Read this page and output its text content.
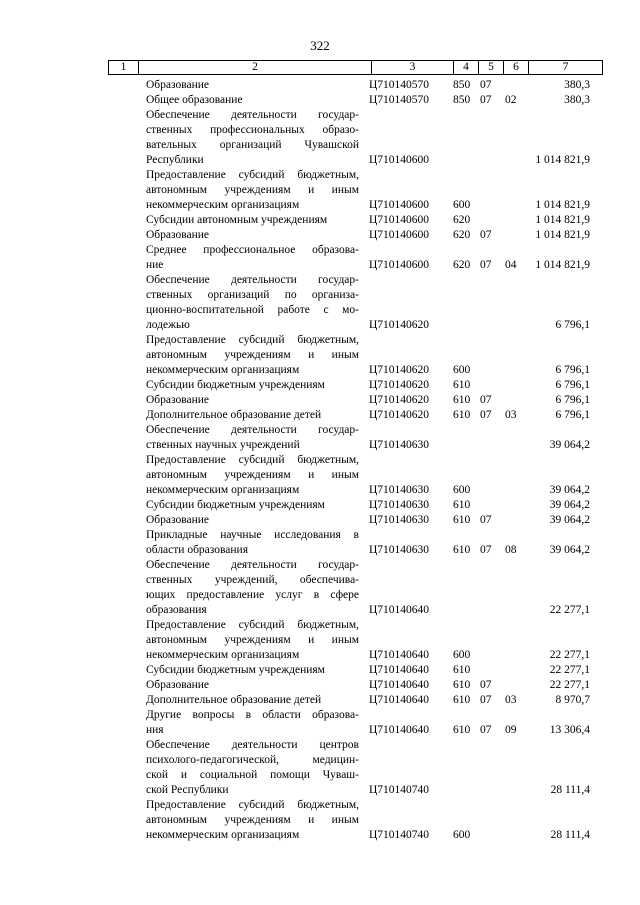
322
1	2	3	4	5	6	7
Образование	Ц710140570 850 07	380,3
Общее образование	Ц710140570 850 07 02	380,3
Обеспечение деятельности государ-
ственных профессиональных образо-
вательных организаций Чувашской
Республики	Ц710140600	1 014 821,9
Предоставление субсидий бюджетным,
автономным учреждениям и иным
некоммерческим организациям	Ц710140600 600	1 014 821,9
Субсидии автономным учреждениям	Ц710140600 620	1 014 821,9
Образование	Ц710140600 620 07	1 014 821,9
Среднее профессиональное образова-
ние	Ц710140600 620 07 04	1 014 821,9
Обеспечение деятельности государ-
ственных организаций по организа-
ционно-воспитательной работе с мо-
лодежью	Ц710140620	6 796,1
Предоставление субсидий бюджетным,
автономным учреждениям и иным
некоммерческим организациям	Ц710140620 600	6 796,1
Субсидии бюджетным учреждениям	Ц710140620 610	6 796,1
Образование	Ц710140620 610 07	6 796,1
Дополнительное образование детей	Ц710140620 610 07 03	6 796,1
Обеспечение деятельности государ-
ственных научных учреждений	Ц710140630	39 064,2
Предоставление субсидий бюджетным,
автономным учреждениям и иным
некоммерческим организациям	Ц710140630 600	39 064,2
Субсидии бюджетным учреждениям	Ц710140630 610	39 064,2
Образование	Ц710140630 610 07	39 064,2
Прикладные научные исследования в
области образования	Ц710140630 610 07 08	39 064,2
Обеспечение деятельности государ-
ственных учреждений, обеспечива-
ющих предоставление услуг в сфере
образования	Ц710140640	22 277,1
Предоставление субсидий бюджетным,
автономным учреждениям и иным
некоммерческим организациям	Ц710140640 600	22 277,1
Субсидии бюджетным учреждениям	Ц710140640 610	22 277,1
Образование	Ц710140640 610 07	22 277,1
Дополнительное образование детей	Ц710140640 610 07 03	8 970,7
Другие вопросы в области образова-
ния	Ц710140640 610 07 09	13 306,4
Обеспечение деятельности центров
психолого-педагогической, медицин-
ской и социальной помощи Чуваш-
ской Республики	Ц710140740	28 111,4
Предоставление субсидий бюджетным,
автономным учреждениям и иным
некоммерческим организациям	Ц710140740 600	28 111,4
